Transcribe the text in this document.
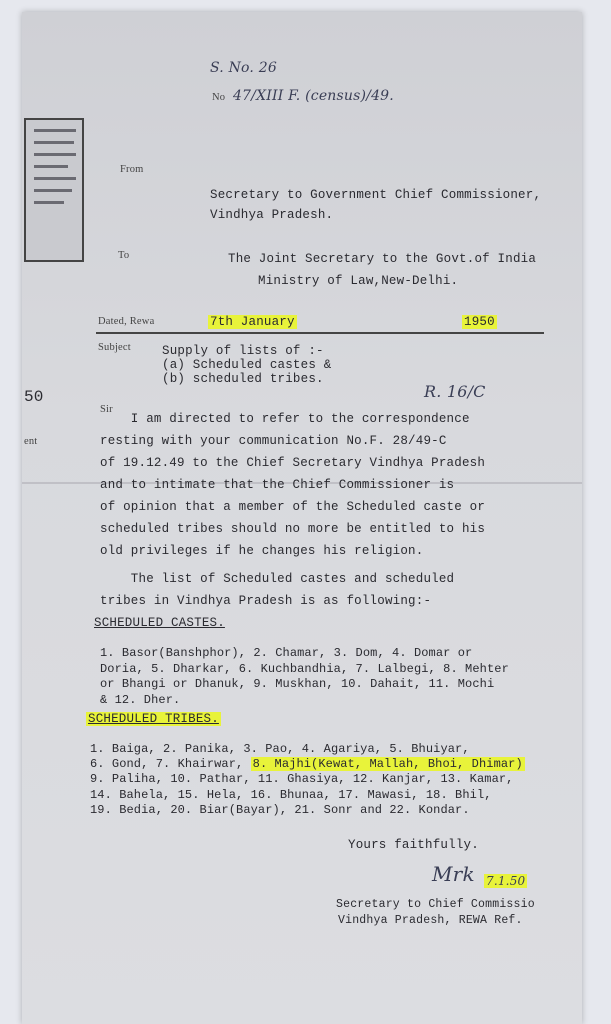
S. No. 26
No 47/XIII F. (census)/49.
From
Secretary to Government Chief Commissioner,
Vindhya Pradesh.
To	The Joint Secretary to the Govt.of India
Ministry of Law,New-Delhi.
Dated, Rewa	7th January	1950
Subject Supply of lists of :-
(a) Scheduled castes &
(b) scheduled tribes.
50
ent
R. 16/C
Sir
I am directed to refer to the correspondence
resting with your communication No.F. 28/49-C
of 19.12.49 to the Chief Secretary Vindhya Pradesh
and to intimate that the Chief Commissioner is
of opinion that a member of the Scheduled caste or
scheduled tribes should no more be entitled to his
old privileges if he changes his religion.
The list of Scheduled castes and scheduled
tribes in Vindhya Pradesh is as following:-
SCHEDULED CASTES.
1. Basor(Banshphor), 2. Chamar, 3. Dom, 4. Domar or
Doria, 5. Dharkar, 6. Kuchbandhia, 7. Lalbegi, 8. Mehter
or Bhangi or Dhanuk, 9. Muskhan, 10. Dahait, 11. Mochi
& 12. Dher.
SCHEDULED TRIBES.
1. Baiga, 2. Panika, 3. Pao, 4. Agariya, 5. Bhuiyar,
6. Gond, 7. Khairwar, 8. Majhi(Kewat, Mallah, Bhoi, Dhimar)
9. Paliha, 10. Pathar, 11. Ghasiya, 12. Kanjar, 13. Kamar,
14. Bahela, 15. Hela, 16. Bhunaa, 17. Mawasi, 18. Bhil,
19. Bedia, 20. Biar(Bayar), 21. Sonr and 22. Kondar.
Yours faithfully.
Mrk 7.1.50
Secretary to Chief Commissio
Vindhya Pradesh, REWA Ref.
